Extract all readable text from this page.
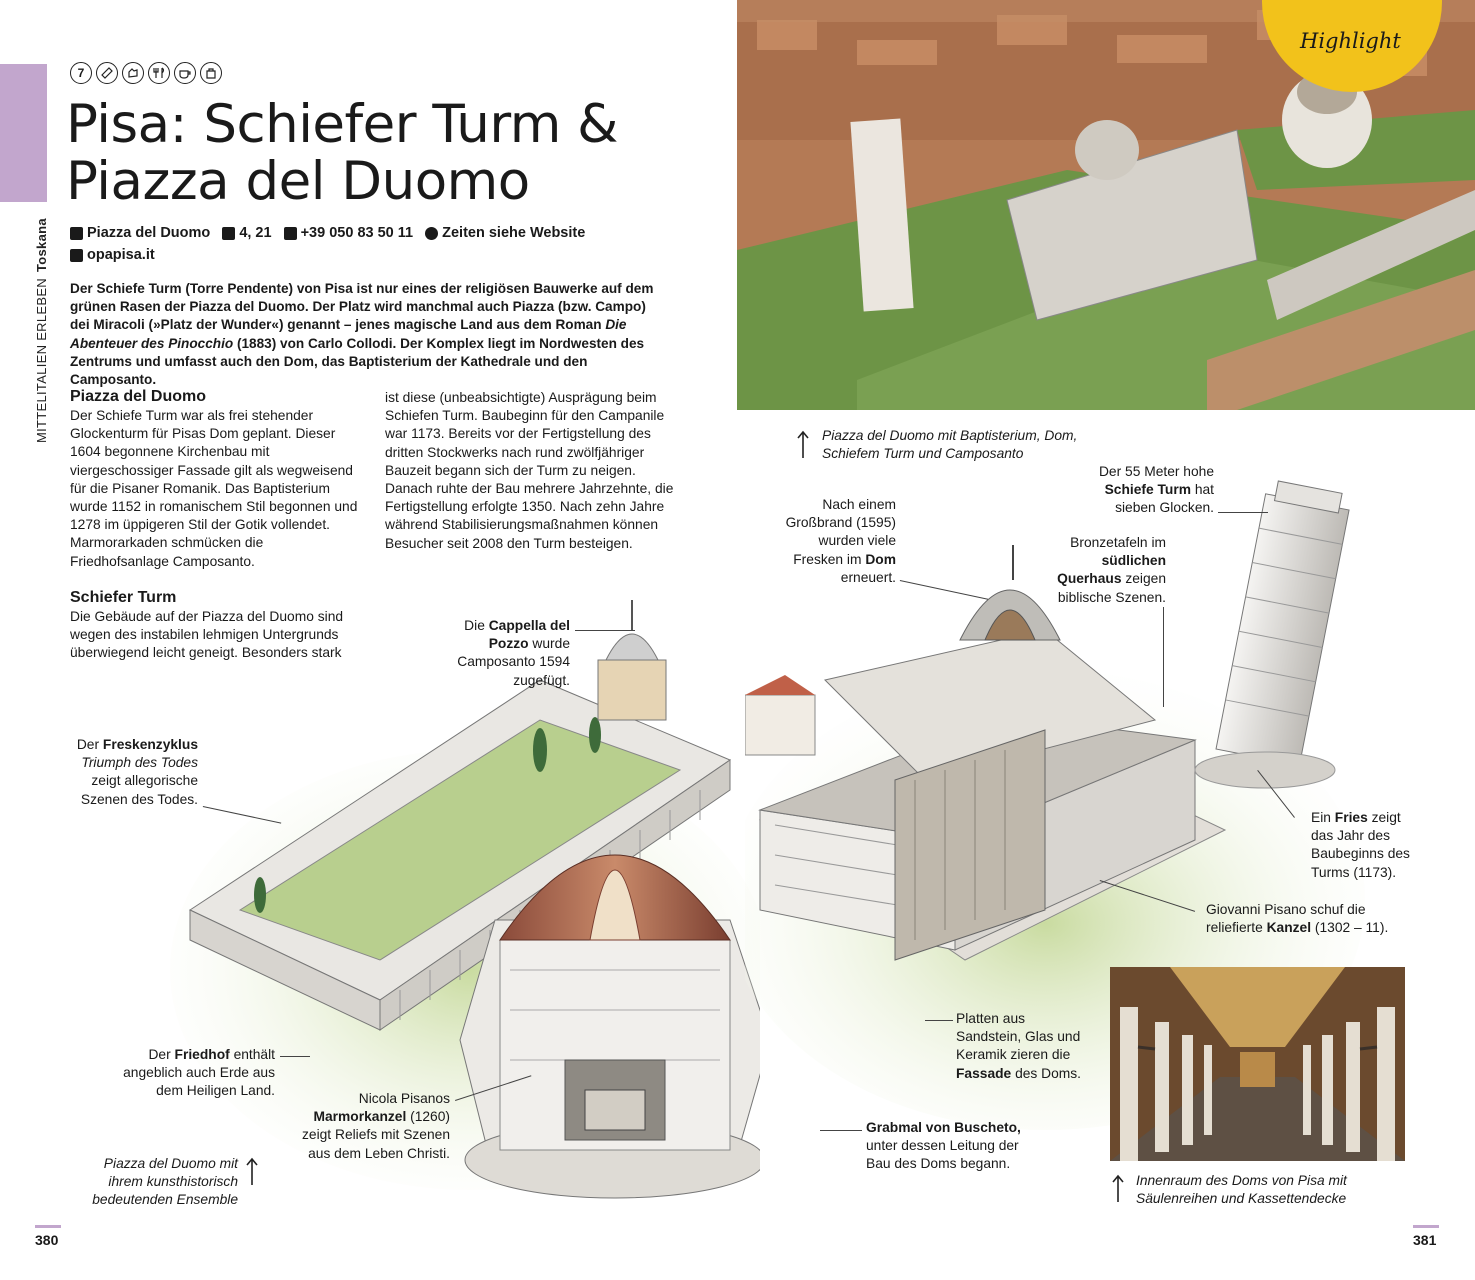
MITTELITALIEN ERLEBENToskana
7
Pisa: Schiefer Turm &
Piazza del Duomo
Piazza del Duomo
4, 21
+39 050 83 50 11
Zeiten siehe Website

opapisa.it

Der Schiefe Turm (Torre Pendente) von Pisa ist nur eines der religiösen Bauwerke auf dem grünen Rasen der Piazza del Duomo. Der Platz wird manchmal auch Piazza (bzw. Campo) dei Miracoli (»Platz der Wunder«) genannt – jenes magische Land aus dem Roman Die Abenteuer des Pinocchio (1883) von Carlo Collodi. Der Komplex liegt im Nordwesten des Zentrums und umfasst auch den Dom, das Baptisterium der Kathedrale und den Camposanto.

Piazza del Duomo

Der Schiefe Turm war als frei stehender Glockenturm für Pisas Dom geplant. Dieser 1604 begonnene Kirchenbau mit viergeschossiger Fassade gilt als wegweisend für die Pisaner Romanik. Das Baptisterium wurde 1152 in romanischem Stil begonnen und 1278 im üppigeren Stil der Gotik vollendet. Marmorarkaden schmücken die Friedhofsanlage Camposanto.

Schiefer Turm

Die Gebäude auf der Piazza del Duomo sind wegen des instabilen lehmigen Untergrunds überwiegend leicht geneigt. Besonders stark

ist diese (unbeabsichtigte) Ausprägung beim Schiefen Turm. Baubeginn für den Campanile war 1173. Bereits vor der Fertigstellung des dritten Stockwerks nach rund zwölfjähriger Bauzeit begann sich der Turm zu neigen. Danach ruhte der Bau mehrere Jahrzehnte, die Fertigstellung erfolgte 1350. Nach zehn Jahre während Stabilisierungsmaßnahmen können Besucher seit 2008 den Turm besteigen.

Highlight
Piazza del Duomo mit Baptisterium, Dom, Schiefem Turm und Camposanto
Die Cappella del Pozzo wurde Camposanto 1594 zugefügt.
Der Freskenzyklus
Triumph des Todes
zeigt allegorische Szenen des Todes.
Der Friedhof enthält angeblich auch Erde aus dem Heiligen Land.
Nicola Pisanos
Marmorkanzel (1260) zeigt Reliefs mit Szenen aus dem Leben Christi.
Piazza del Duomo mit ihrem kunsthistorisch bedeutenden Ensemble
Nach einem Großbrand (1595) wurden viele Fresken im Dom erneuert.
Der 55 Meter hohe
Schiefe Turm hat sieben Glocken.
Bronzetafeln im
südlichen Querhaus zeigen biblische Szenen.
Ein Fries zeigt das Jahr des Baubeginns des Turms (1173).
Giovanni Pisano schuf die reliefierte Kanzel (1302 – 11).
Platten aus Sandstein, Glas und Keramik zieren die Fassade des Doms.
Grabmal von Buscheto,
unter dessen Leitung der Bau des Doms begann.
Innenraum des Doms von Pisa mit Säulenreihen und Kassettendecke
380	381
